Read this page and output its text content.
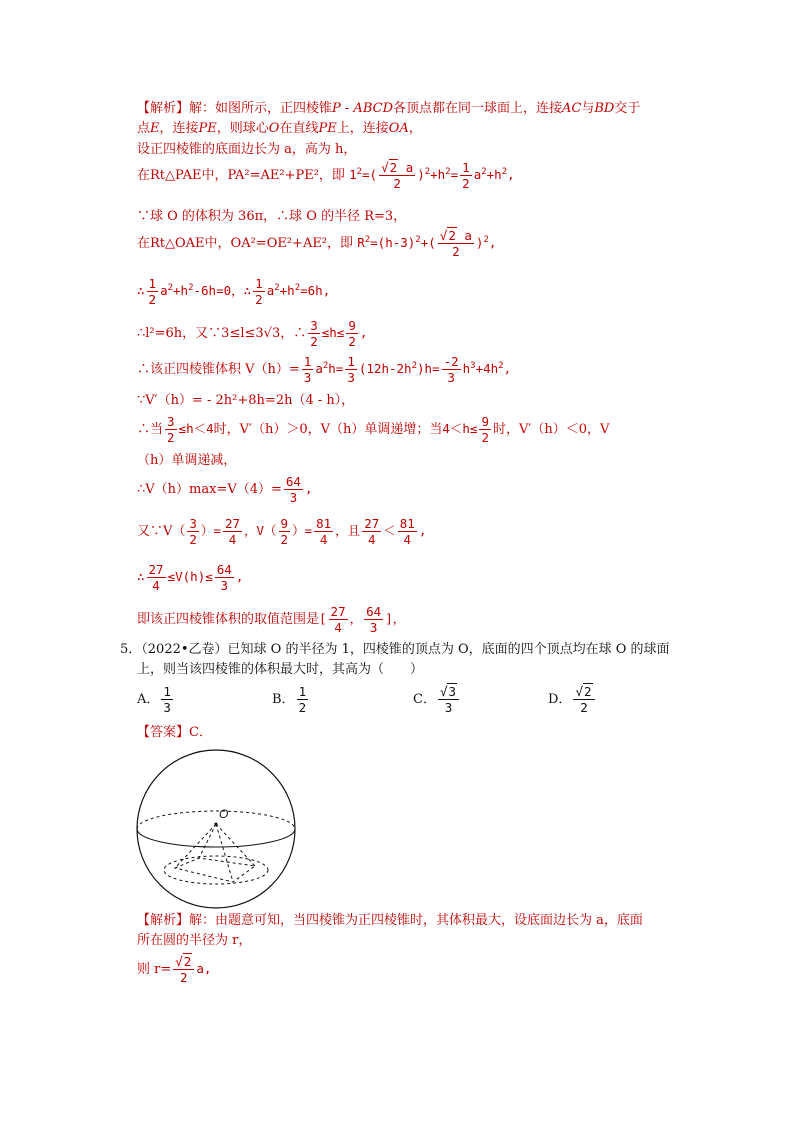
【解析】解：如图所示，正四棱锥P - ABCD各顶点都在同一球面上，连接AC与BD交于
点E，连接PE，则球心O在直线PE上，连接OA，
设正四棱锥的底面边长为 a，高为 h，
在Rt△PAE中，PA²=AE²+PE²，即 $1^2=( \frac{√2 a}{2} )^2+h^2= \frac{1}{2} a^2+h^2$,
∵球 O 的体积为 36π，∴球 O 的半径 R=3，
在Rt△OAE中，OA²=OE²+AE²，即 $R^2=(h-3)^2+( \frac{√2 a}{2} )^2$,
∴ $\frac{1}{2} a^2+h^2-6h=0$，∴ $\frac{1}{2} a^2+h^2=6h$,
∴l²=6h，又∵3≤l≤3√3，∴ $\frac{3}{2} \le h\le \frac{9}{2}$ ,
∴该正四棱锥体积 $V(h)= \frac{1}{3} a^2h= \frac{1}{3} (12h-2h^2)h= \frac{-2}{3} h^3+4h^2$,
∵V′（h）= - 2h²+8h=2h（4 - h），
∴当 $\frac{3}{2} \le h<4$时，V′（h）＞0，V（h）单调递增；当$4<h\le \frac{9}{2}$ 时，V′（h）＜0，V
（h）单调递减，
∴V（h）max=V（4）= $\frac{64}{3}$ ,
又∵V（ $\frac{3}{2}$ ）= $\frac{27}{4}$ ，$V( \frac{9}{2}$ ）= $\frac{81}{4}$ ，且 $\frac{27}{4} < \frac{81}{4}$ ,
∴ $\frac{27}{4} \le V(h)\le \frac{64}{3}$ ,
即该正四棱锥体积的取值范围是[ $\frac{27}{4}$ ， $\frac{64}{3}$ ]，
5．（2022•乙卷）已知球 O 的半径为 1，四棱锥的顶点为 O，底面的四个顶点均在球 O 的球面
上，则当该四棱锥的体积最大时，其高为（　　）
A． $\frac{1}{3}$	B． $\frac{1}{2}$	C． $\frac{√3}{3}$	D． $\frac{√2}{2}$
【答案】C．
O
【解析】解：由题意可知，当四棱锥为正四棱锥时，其体积最大，设底面边长为 a，底面
所在圆的半径为 r，
则 $r= \frac{√2}{2} a$,
